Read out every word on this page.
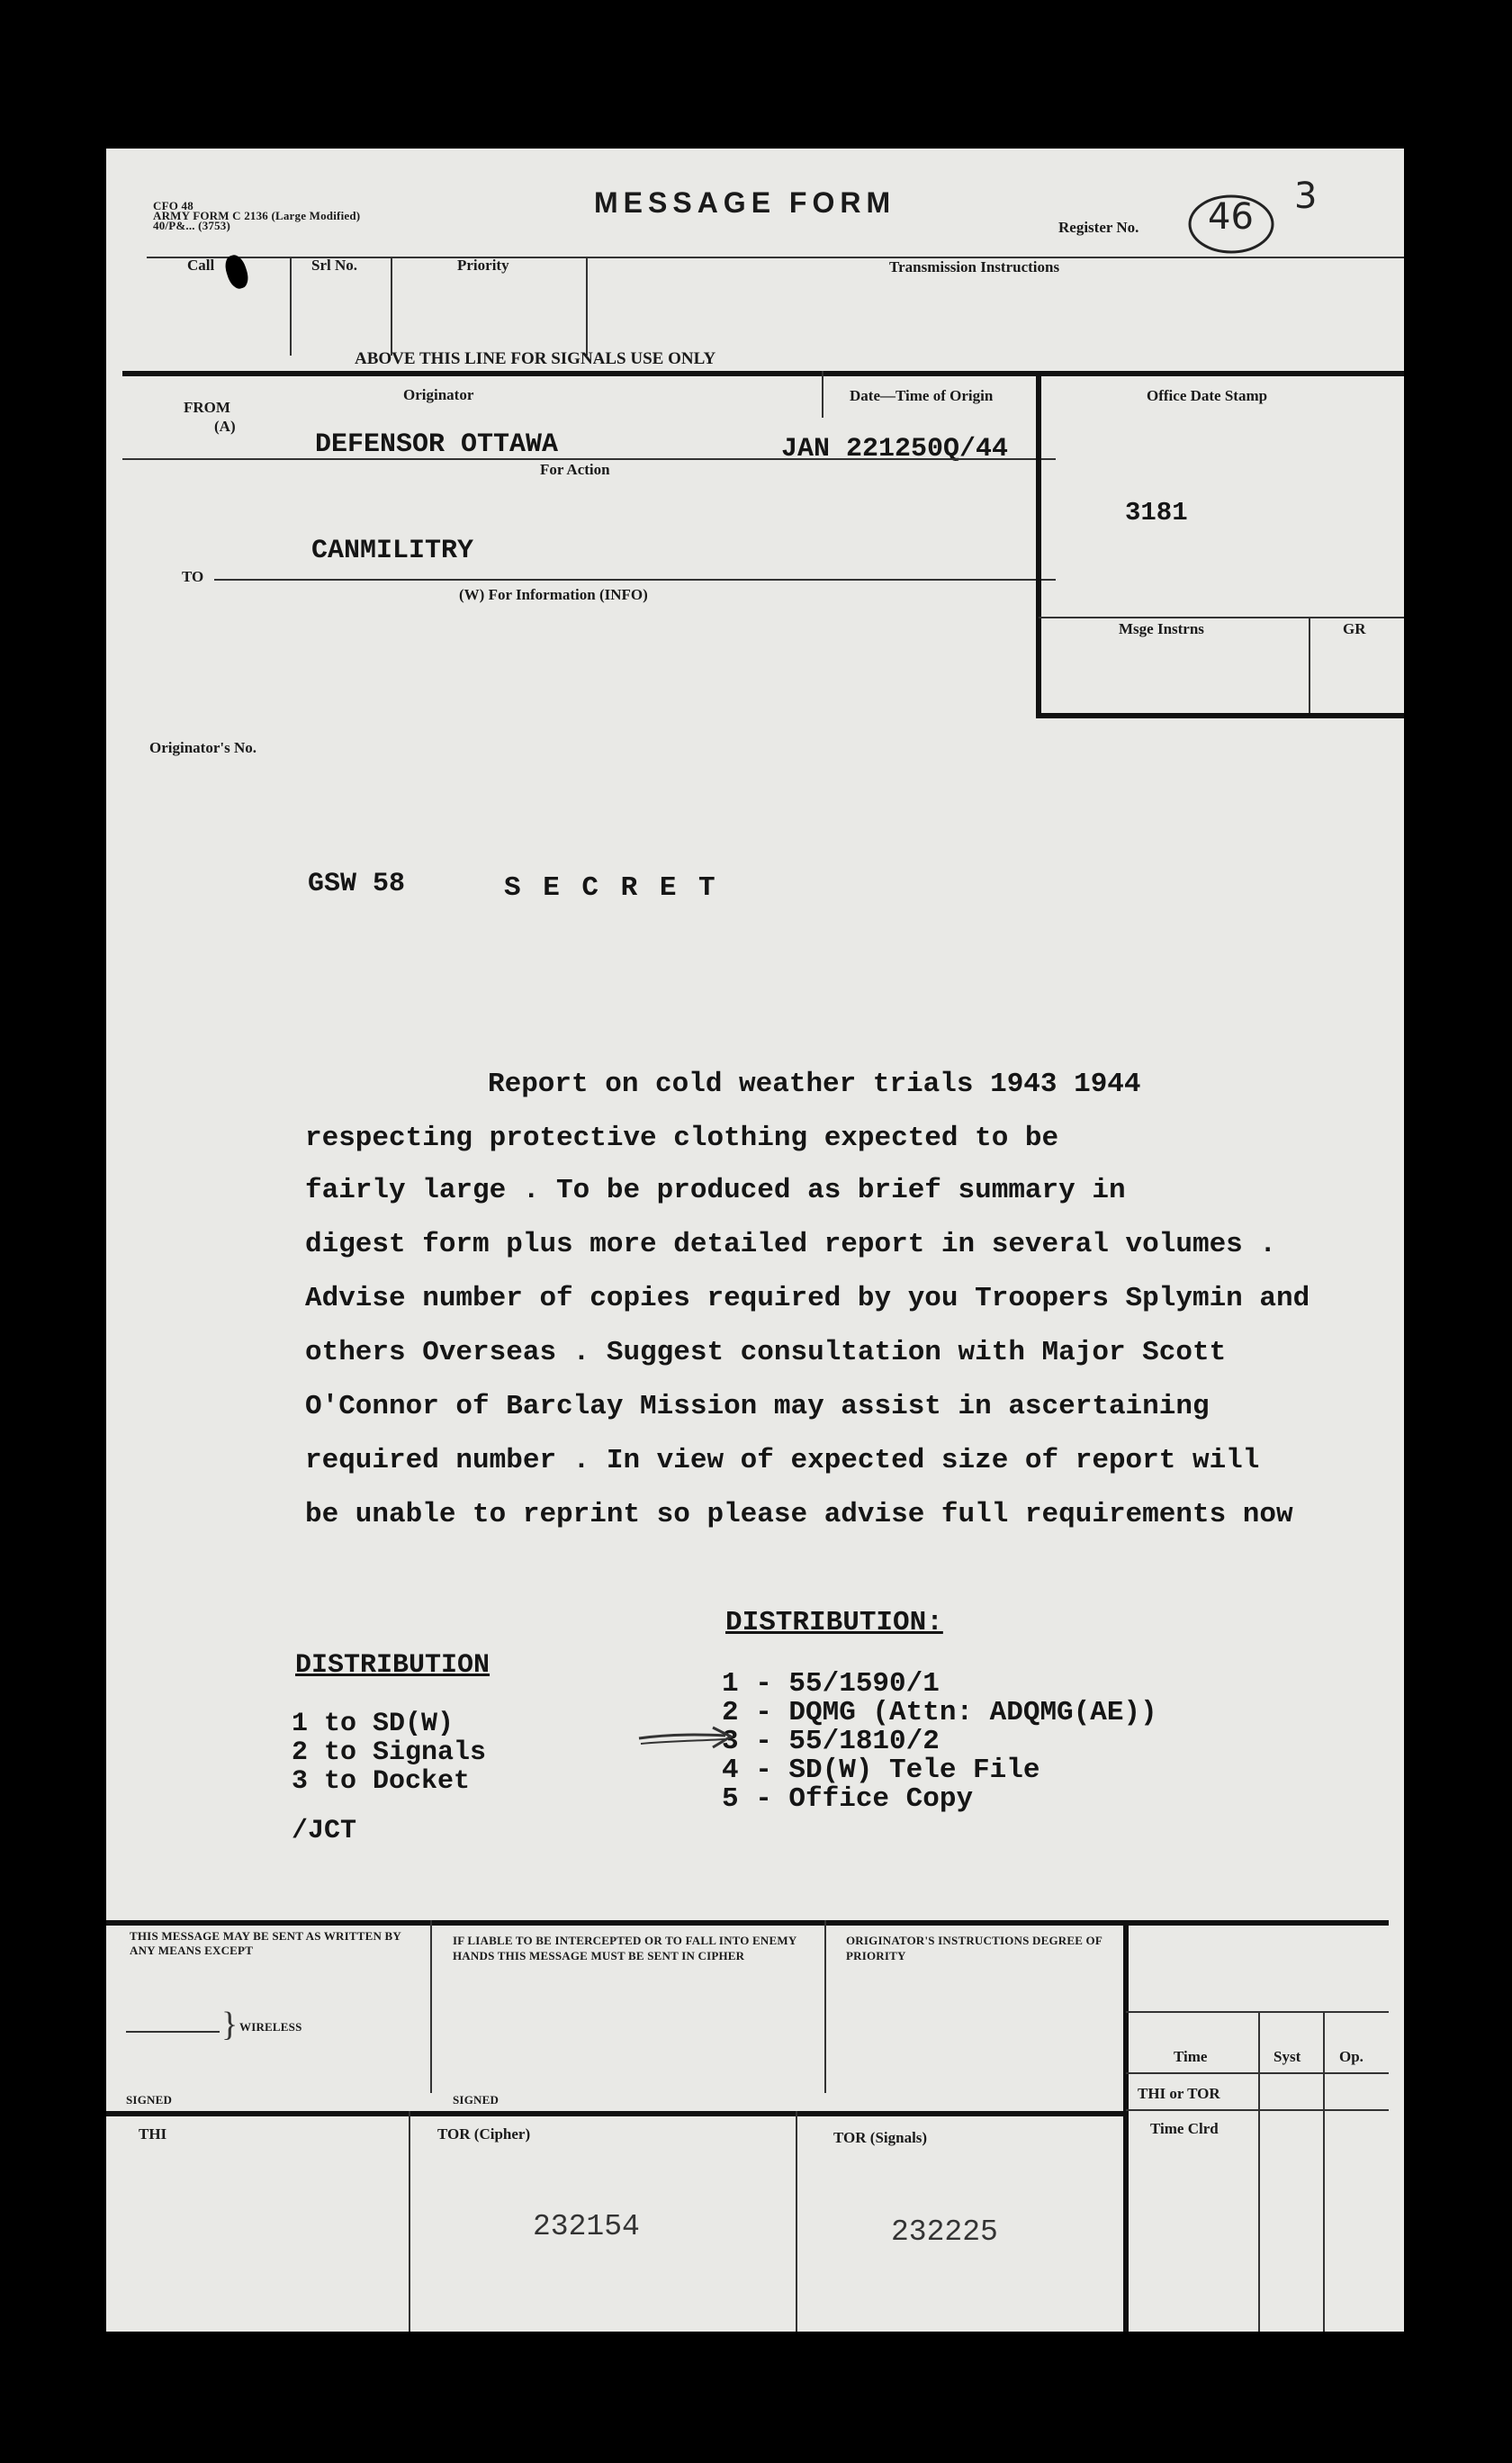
CFO 48
ARMY FORM C 2136 (Large Modified)
40/P&... (3753)
MESSAGE FORM
Register No. 46 3
Call	Srl No.	Priority	Transmission Instructions
ABOVE THIS LINE FOR SIGNALS USE ONLY
FROM
(A)
Originator
DEFENSOR OTTAWA
Date—Time of Origin
JAN 221250Q/44
For Action
CANMILITRY
TO
(W) For Information (INFO)
Office Date Stamp
3181
Msge Instrns	GR
Originator's No.
GSW 58	S E C R E T
Report on cold weather trials 1943 1944
respecting protective clothing expected to be
fairly large . To be produced as brief summary in
digest form plus more detailed report in several volumes .
Advise number of copies required by you Troopers Splymin and
others Overseas . Suggest consultation with Major Scott
O'Connor of Barclay Mission may assist in ascertaining
required number . In view of expected size of report will
be unable to reprint so please advise full requirements now
DISTRIBUTION:
1 - 55/1590/1
2 - DQMG (Attn: ADQMG(AE))
3 - 55/1810/2
4 - SD(W) Tele File
5 - Office Copy
DISTRIBUTION
1 to SD(W)
2 to Signals
3 to Docket
/JCT
THIS MESSAGE MAY BE SENT AS WRITTEN BY ANY MEANS EXCEPT
} WIRELESS
SIGNED
IF LIABLE TO BE INTERCEPTED OR TO FALL INTO ENEMY HANDS THIS MESSAGE MUST BE SENT IN CIPHER
SIGNED
ORIGINATOR'S INSTRUCTIONS DEGREE OF PRIORITY
Time	Syst	Op.
THI or TOR
Time Clrd
THI	TOR (Cipher)
232154
TOR (Signals)
232225
